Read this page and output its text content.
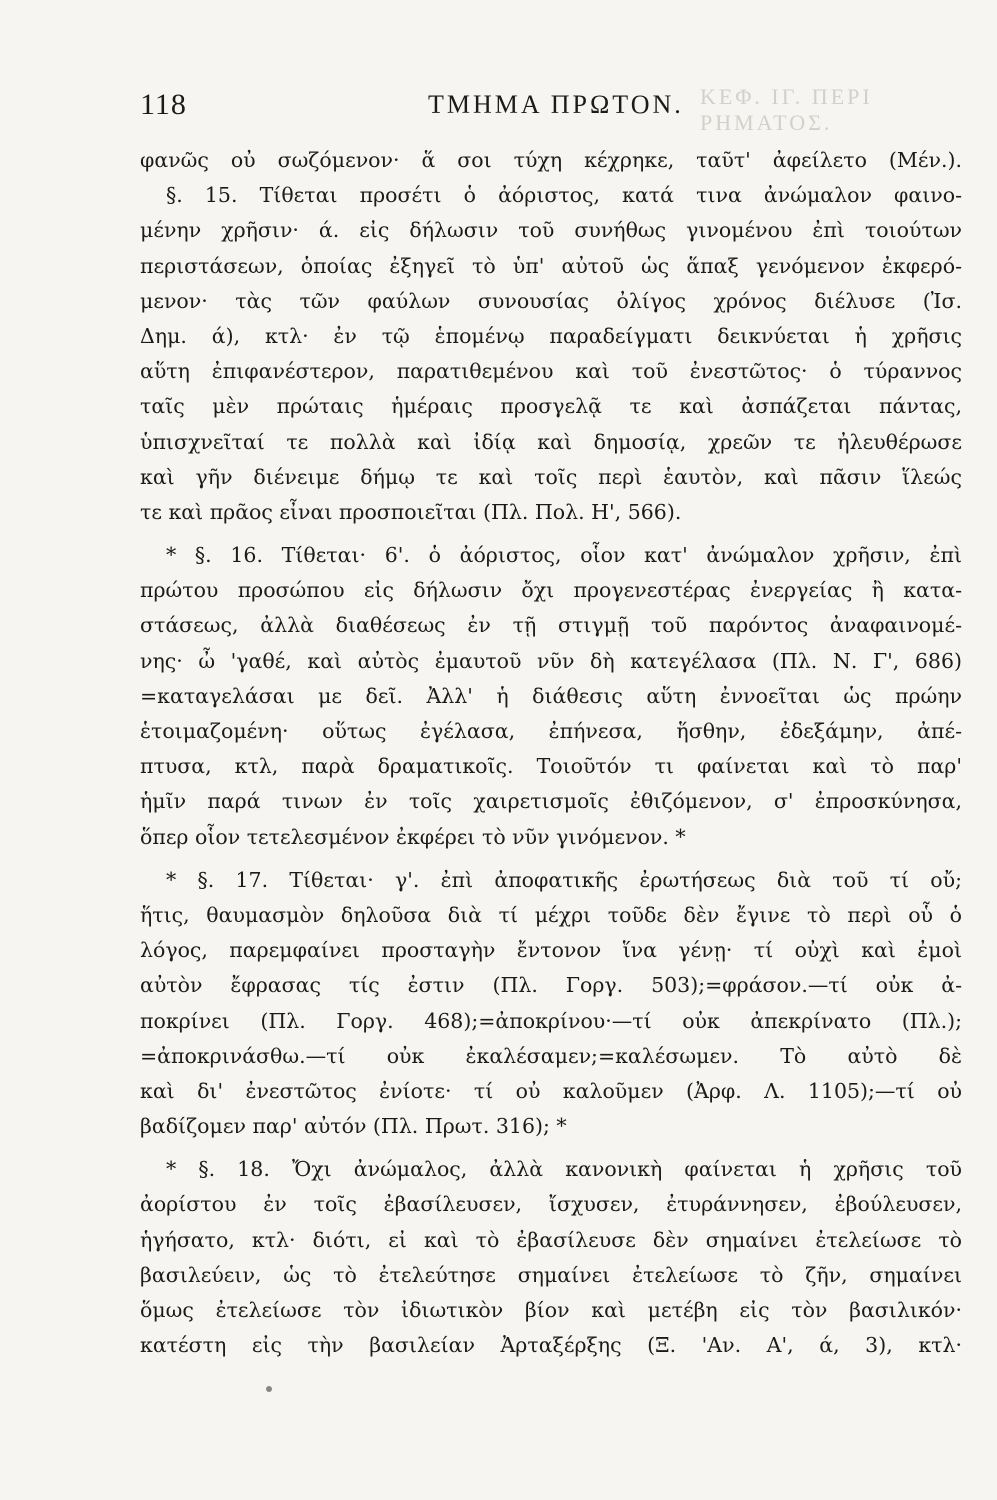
118	ΤΜΗΜΑ ΠΡΩΤΟΝ. ΚΕΦ. ΙΓ. ΠΕΡΙ ΡΗΜΑΤΟΣ.
φανῶς οὐ σωζόμενον· ἅ σοι τύχη κέχρηκε, ταῦτ' ἀφείλετο (Μέν.).
§. 15. Τίθεται προσέτι ὁ ἀόριστος, κατά τινα ἀνώμαλον φαινο-
μένην χρῆσιν· ά. εἰς δήλωσιν τοῦ συνήθως γινομένου ἐπὶ τοιούτων
περιστάσεων, ὁποίας ἐξηγεῖ τὸ ὑπ' αὐτοῦ ὡς ἅπαξ γενόμενον ἐκφερό-
μενον· τὰς τῶν φαύλων συνουσίας ὀλίγος χρόνος διέλυσε (Ἰσ.
Δημ. ά), κτλ· ἐν τῷ ἑπομένῳ παραδείγματι δεικνύεται ἡ χρῆσις
αὕτη ἐπιφανέστερον, παρατιθεμένου καὶ τοῦ ἐνεστῶτος· ὁ τύραννος
ταῖς μὲν πρώταις ἡμέραις προσγελᾷ τε καὶ ἀσπάζεται πάντας,
ὑπισχνεῖταί τε πολλὰ καὶ ἰδίᾳ καὶ δημοσίᾳ, χρεῶν τε ἠλευθέρωσε
καὶ γῆν διένειμε δήμῳ τε καὶ τοῖς περὶ ἑαυτὸν, καὶ πᾶσιν ἵλεώς
τε καὶ πρᾶος εἶναι προσποιεῖται (Πλ. Πολ. Η', 566).
* §. 16. Τίθεται· 6'. ὁ ἀόριστος, οἷον κατ' ἀνώμαλον χρῆσιν, ἐπὶ
πρώτου προσώπου εἰς δήλωσιν ὄχι προγενεστέρας ἐνεργείας ἢ κατα-
στάσεως, ἀλλὰ διαθέσεως ἐν τῇ στιγμῇ τοῦ παρόντος ἀναφαινομέ-
νης· ὦ 'γαθέ, καὶ αὐτὸς ἐμαυτοῦ νῦν δὴ κατεγέλασα (Πλ. Ν. Γ', 686)
=καταγελάσαι με δεῖ. Ἀλλ' ἡ διάθεσις αὕτη ἐννοεῖται ὡς πρώην
ἑτοιμαζομένη· οὕτως ἐγέλασα, ἐπήνεσα, ἥσθην, ἐδεξάμην, ἀπέ-
πτυσα, κτλ, παρὰ δραματικοῖς. Τοιοῦτόν τι φαίνεται καὶ τὸ παρ'
ἡμῖν παρά τινων ἐν τοῖς χαιρετισμοῖς ἐθιζόμενον, σ' ἐπροσκύνησα,
ὅπερ οἷον τετελεσμένον ἐκφέρει τὸ νῦν γινόμενον. *
* §. 17. Τίθεται· γ'. ἐπὶ ἀποφατικῆς ἐρωτήσεως διὰ τοῦ τί οὔ;
ἥτις, θαυμασμὸν δηλοῦσα διὰ τί μέχρι τοῦδε δὲν ἔγινε τὸ περὶ οὗ ὁ
λόγος, παρεμφαίνει προσταγὴν ἔντονον ἵνα γένῃ· τί οὐχὶ καὶ ἐμοὶ
αὐτὸν ἔφρασας τίς ἐστιν (Πλ. Γοργ. 503);=φράσον.—τί οὐκ ἀ-
ποκρίνει (Πλ. Γοργ. 468);=ἀποκρίνου·—τί οὐκ ἀπεκρίνατο (Πλ.);
=ἀποκρινάσθω.—τί οὐκ ἐκαλέσαμεν;=καλέσωμεν. Τὸ αὐτὸ δὲ
καὶ δι' ἐνεστῶτος ἐνίοτε· τί οὐ καλοῦμεν (Ἀρφ. Λ. 1105);—τί οὐ
βαδίζομεν παρ' αὐτόν (Πλ. Πρωτ. 316); *
* §. 18. Ὄχι ἀνώμαλος, ἀλλὰ κανονικὴ φαίνεται ἡ χρῆσις τοῦ
ἀορίστου ἐν τοῖς ἐβασίλευσεν, ἴσχυσεν, ἐτυράννησεν, ἐβούλευσεν,
ἡγήσατο, κτλ· διότι, εἰ καὶ τὸ ἐβασίλευσε δὲν σημαίνει ἐτελείωσε τὸ
βασιλεύειν, ὡς τὸ ἐτελεύτησε σημαίνει ἐτελείωσε τὸ ζῆν, σημαίνει
ὅμως ἐτελείωσε τὸν ἰδιωτικὸν βίον καὶ μετέβη εἰς τὸν βασιλικόν·
κατέστη εἰς τὴν βασιλείαν Ἀρταξέρξης (Ξ. 'Αν. Α', ά, 3), κτλ·
